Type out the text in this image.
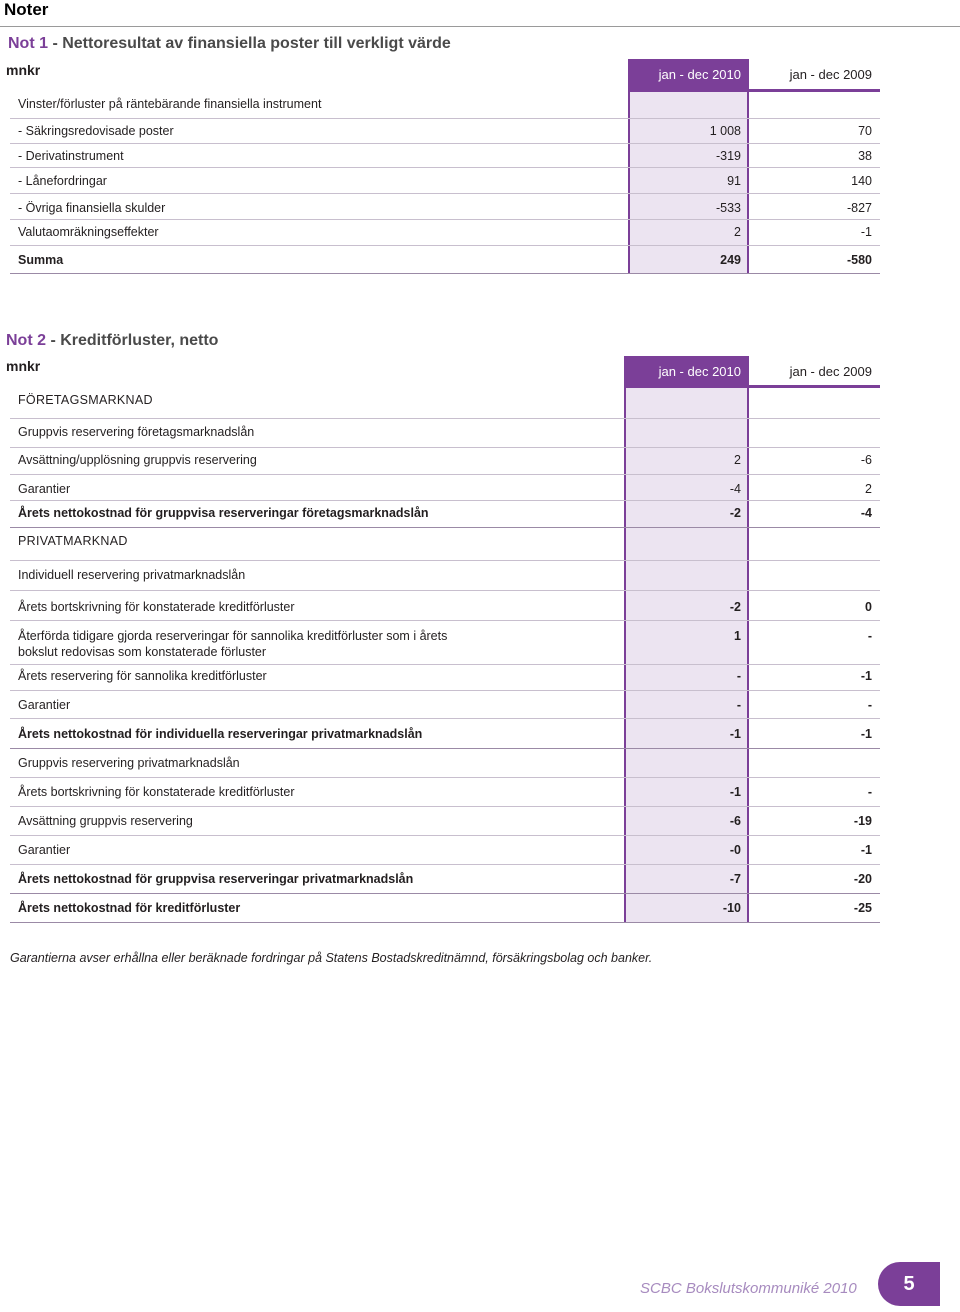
Noter
Not 1 - Nettoresultat av finansiella poster till verkligt värde
mnkr	jan - dec 2010	jan - dec 2009
Vinster/förluster på räntebärande finansiella instrument
- Säkringsredovisade poster	1 008	70
- Derivatinstrument	-319	38
- Lånefordringar	91	140
- Övriga finansiella skulder	-533	-827
Valutaomräkningseffekter	2	-1
Summa	249	-580
Not 2 - Kreditförluster, netto
mnkr	jan - dec 2010	jan - dec 2009
FÖRETAGSMARKNAD
Gruppvis reservering företagsmarknadslån
Avsättning/upplösning gruppvis reservering	2	-6
Garantier	-4	2
Årets nettokostnad för gruppvisa reserveringar företagsmarknadslån	-2	-4
PRIVATMARKNAD
Individuell reservering privatmarknadslån
Årets bortskrivning för konstaterade kreditförluster	-2	0
Återförda tidigare gjorda reserveringar för sannolika kreditförluster som i årets
bokslut redovisas som konstaterade förluster
1	-
Årets reservering för sannolika kreditförluster	-	-1
Garantier	-	-
Årets nettokostnad för individuella reserveringar privatmarknadslån	-1	-1
Gruppvis reservering privatmarknadslån
Årets bortskrivning för konstaterade kreditförluster	-1	-
Avsättning gruppvis reservering	-6	-19
Garantier	-0	-1
Årets nettokostnad för gruppvisa reserveringar privatmarknadslån	-7	-20
Årets nettokostnad för kreditförluster	-10	-25
Garantierna avser erhållna eller beräknade fordringar på Statens Bostadskreditnämnd, försäkringsbolag och banker.
SCBC Bokslutskommuniké 2010	5
